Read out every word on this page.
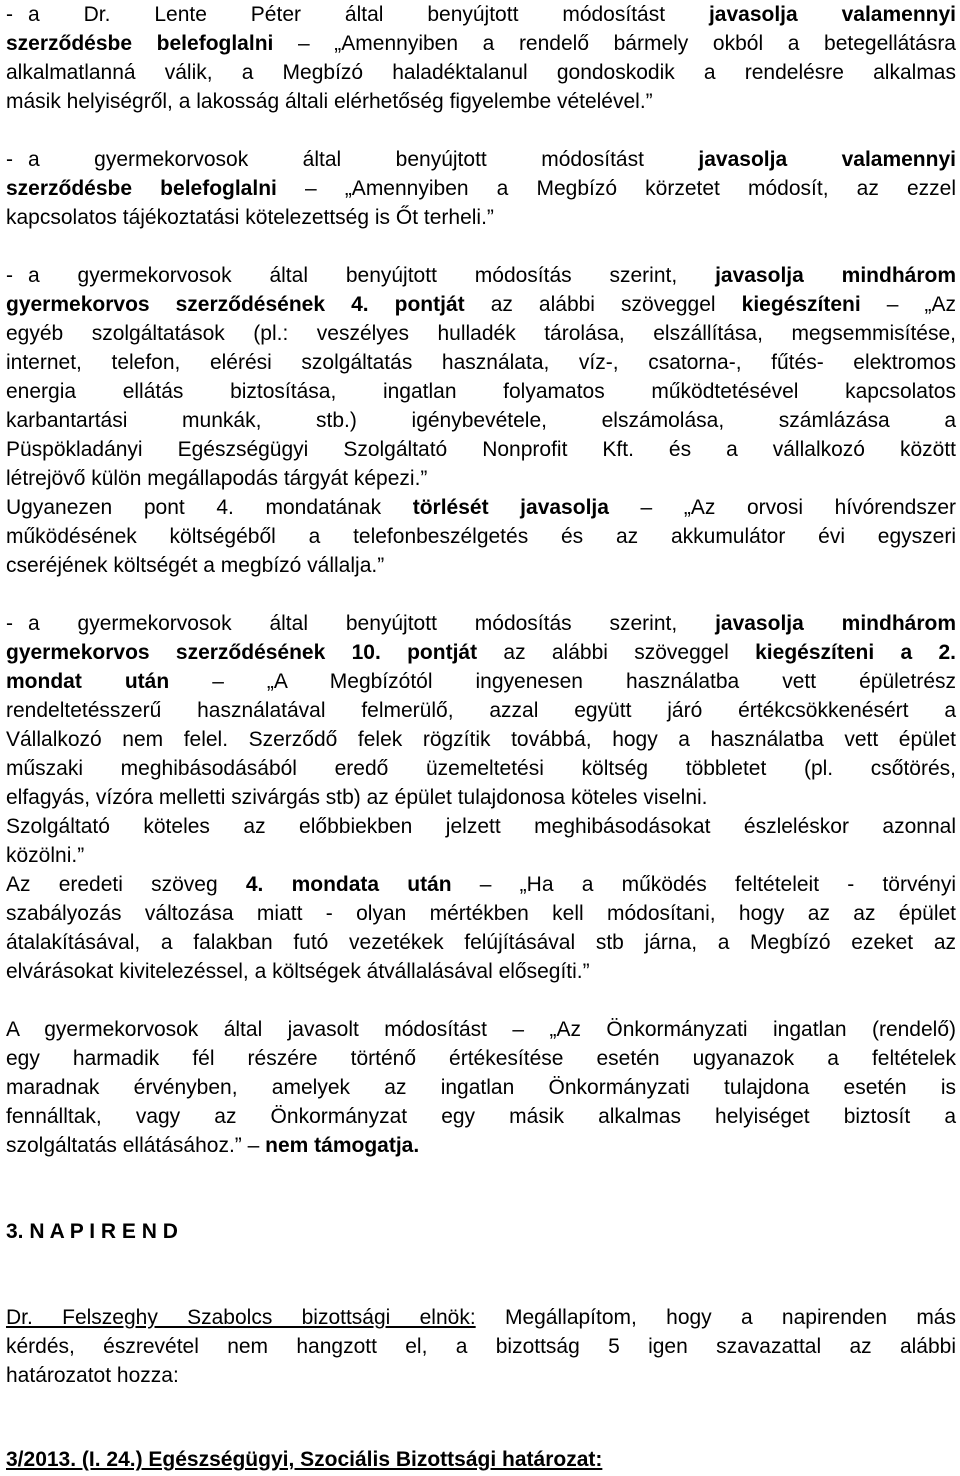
- a Dr. Lente Péter által benyújtott módosítást javasolja valamennyi
szerződésbe belefoglalni – „Amennyiben a rendelő bármely okból a betegellátásra
alkalmatlanná válik, a Megbízó haladéktalanul gondoskodik a rendelésre alkalmas
másik helyiségről, a lakosság általi elérhetőség figyelembe vételével.”
- a gyermekorvosok által benyújtott módosítást javasolja valamennyi
szerződésbe belefoglalni – „Amennyiben a Megbízó körzetet módosít, az ezzel
kapcsolatos tájékoztatási kötelezettség is Őt terheli.”
- a gyermekorvosok által benyújtott módosítás szerint, javasolja mindhárom
gyermekorvos szerződésének 4. pontját az alábbi szöveggel kiegészíteni – „Az
egyéb szolgáltatások (pl.: veszélyes hulladék tárolása, elszállítása, megsemmisítése,
internet, telefon, elérési szolgáltatás használata, víz-, csatorna-, fűtés- elektromos
energia ellátás biztosítása, ingatlan folyamatos működtetésével kapcsolatos
karbantartási munkák, stb.) igénybevétele, elszámolása, számlázása a
Püspökladányi Egészségügyi Szolgáltató Nonprofit Kft. és a vállalkozó között
létrejövő külön megállapodás tárgyát képezi.”
Ugyanezen pont 4. mondatának törlését javasolja – „Az orvosi hívórendszer
működésének költségéből a telefonbeszélgetés és az akkumulátor évi egyszeri
cseréjének költségét a megbízó vállalja.”
- a gyermekorvosok által benyújtott módosítás szerint, javasolja mindhárom
gyermekorvos szerződésének 10. pontját az alábbi szöveggel kiegészíteni a 2.
mondat után – „A Megbízótól ingyenesen használatba vett épületrész
rendeltetésszerű használatával felmerülő, azzal együtt járó értékcsökkenésért a
Vállalkozó nem felel. Szerződő felek rögzítik továbbá, hogy a használatba vett épület
műszaki meghibásodásából eredő üzemeltetési költség többletet (pl. csőtörés,
elfagyás, vízóra melletti szivárgás stb) az épület tulajdonosa köteles viselni.
Szolgáltató köteles az előbbiekben jelzett meghibásodásokat észleléskor azonnal
közölni.”
Az eredeti szöveg 4. mondata után – „Ha a működés feltételeit - törvényi
szabályozás változása miatt - olyan mértékben kell módosítani, hogy az az épület
átalakításával, a falakban futó vezetékek felújításával stb járna, a Megbízó ezeket az
elvárásokat kivitelezéssel, a költségek átvállalásával elősegíti.”
A gyermekorvosok által javasolt módosítást – „Az Önkormányzati ingatlan (rendelő)
egy harmadik fél részére történő értékesítése esetén ugyanazok a feltételek
maradnak érvényben, amelyek az ingatlan Önkormányzati tulajdona esetén is
fennálltak, vagy az Önkormányzat egy másik alkalmas helyiséget biztosít a
szolgáltatás ellátásához.” – nem támogatja.
3. N A P I R E N D
Dr. Felszeghy Szabolcs bizottsági elnök: Megállapítom, hogy a napirenden más
kérdés, észrevétel nem hangzott el, a bizottság 5 igen szavazattal az alábbi
határozatot hozza:
3/2013. (I. 24.) Egészségügyi, Szociális Bizottsági határozat:
